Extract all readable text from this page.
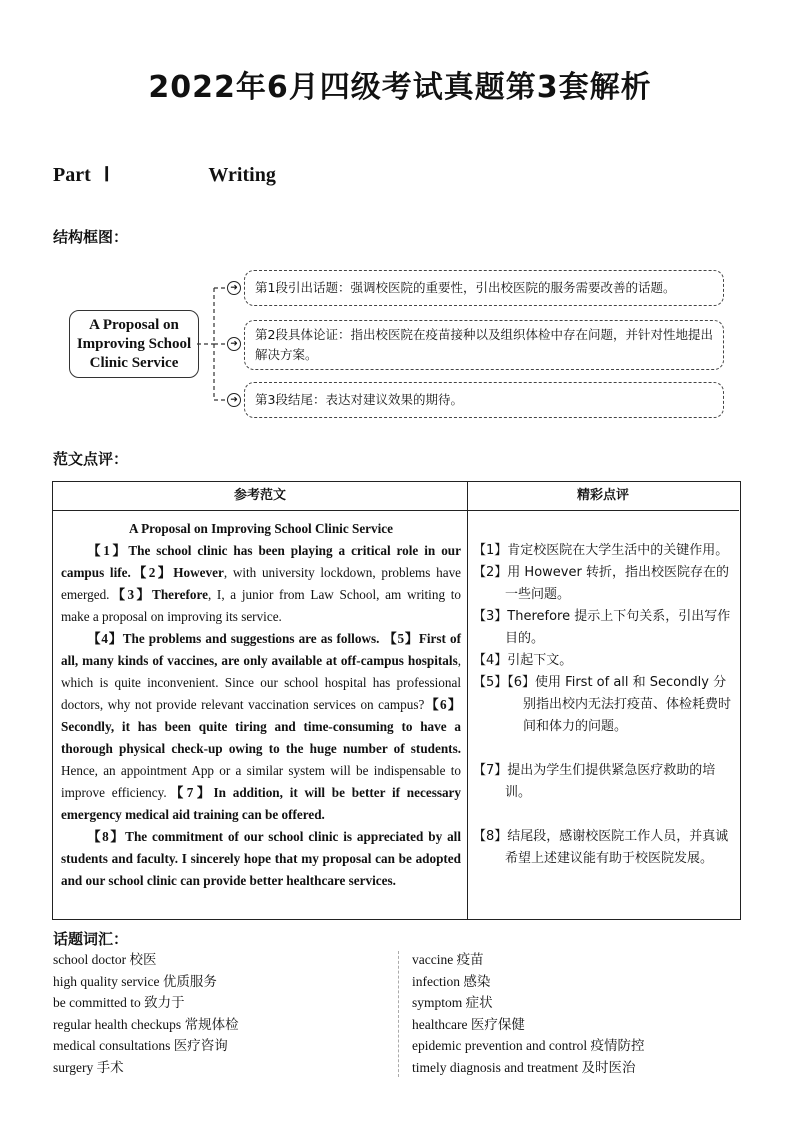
2022年6月四级考试真题第3套解析
Part Ⅰ	Writing
结构框图：
A Proposal on
Improving School
Clinic Service
➜
➜
➜
第1段引出话题：强调校医院的重要性，引出校医院的服务需要改善的话题。
第2段具体论证：指出校医院在疫苗接种以及组织体检中存在问题，并针对性地提出解决方案。
第3段结尾：表达对建议效果的期待。
范文点评：
参考范文	精彩点评
A Proposal on Improving School Clinic Service

【1】The school clinic has been playing a critical role in our campus life.【2】However, with university lockdown, problems have emerged.【3】Therefore, I, a junior from Law School, am writing to make a proposal on improving its service.

【4】The problems and suggestions are as follows. 【5】First of all, many kinds of vaccines, are only available at off-campus hospitals, which is quite inconvenient. Since our school hospital has professional doctors, why not provide relevant vaccination services on campus?【6】Secondly, it has been quite tiring and time-consuming to have a thorough physical check-up owing to the huge number of students. Hence, an appointment App or a similar system will be indispensable to improve efficiency.【7】In addition, it will be better if necessary emergency medical aid training can be offered.

【8】The commitment of our school clinic is appreciated by all students and faculty. I sincerely hope that my proposal can be adopted and our school clinic can provide better healthcare services.

【1】肯定校医院在大学生活中的关键作用。

【2】用 However 转折，指出校医院存在的一些问题。

【3】Therefore 提示上下句关系，引出写作目的。

【4】引起下文。

【5】【6】使用 First of all 和 Secondly 分别指出校内无法打疫苗、体检耗费时间和体力的问题。

【7】提出为学生们提供紧急医疗救助的培训。

【8】结尾段，感谢校医院工作人员，并真诚希望上述建议能有助于校医院发展。

话题词汇：
school doctor 校医
high quality service 优质服务
be committed to 致力于
regular health checkups 常规体检
medical consultations 医疗咨询
surgery 手术
vaccine 疫苗
infection 感染
symptom 症状
healthcare 医疗保健
epidemic prevention and control 疫情防控
timely diagnosis and treatment 及时医治
